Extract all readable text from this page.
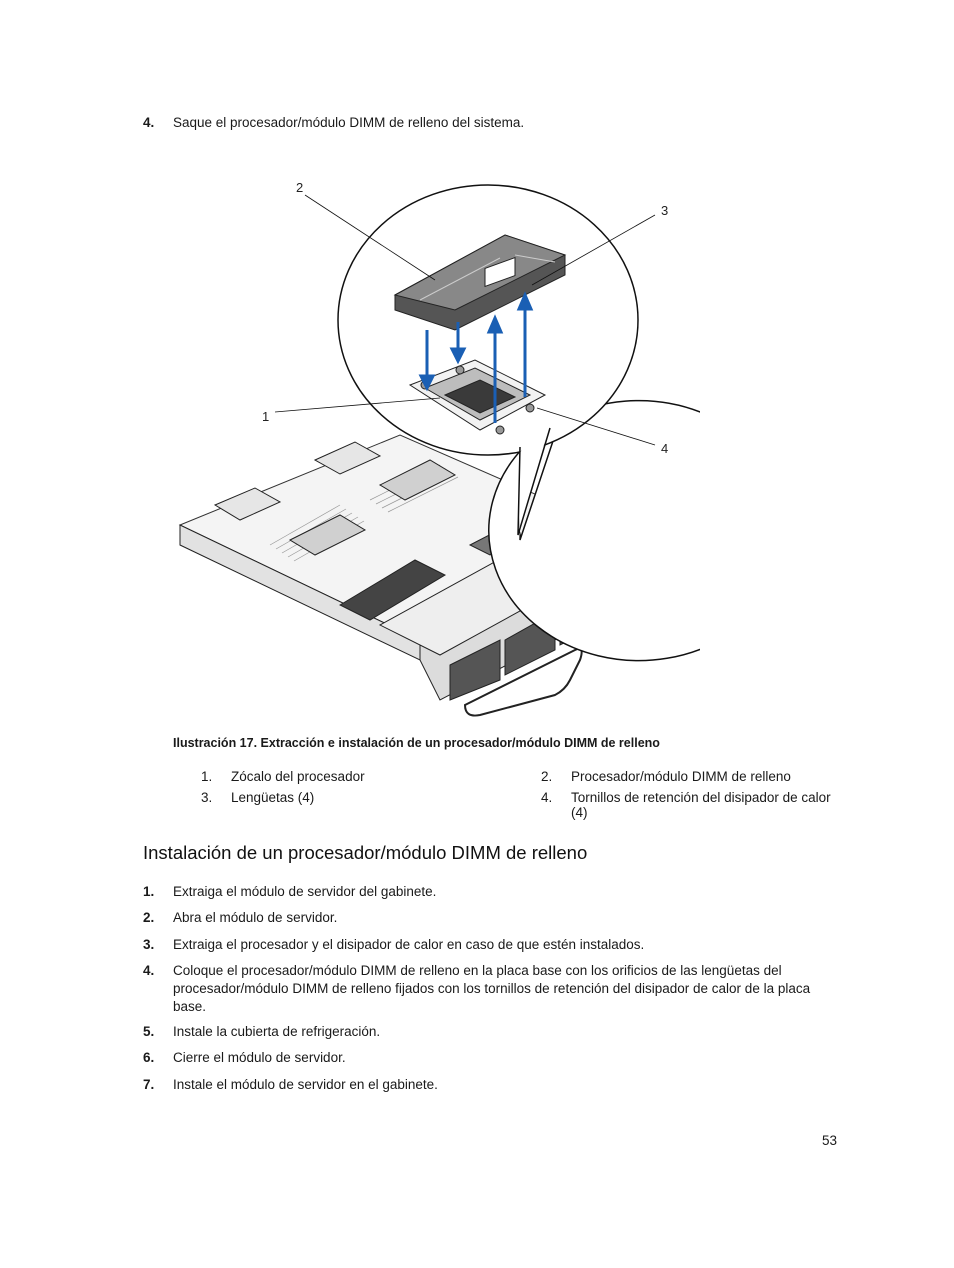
4.	Saque el procesador/módulo DIMM de relleno del sistema.
1
2
3
4
Ilustración 17. Extracción e instalación de un procesador/módulo DIMM de relleno
1.	Zócalo del procesador	2.	Procesador/módulo DIMM de relleno
3.	Lengüetas (4)	4.	Tornillos de retención del disipador de calor (4)
Instalación de un procesador/módulo DIMM de relleno
1.	Extraiga el módulo de servidor del gabinete.
2.	Abra el módulo de servidor.
3.	Extraiga el procesador y el disipador de calor en caso de que estén instalados.
4.	Coloque el procesador/módulo DIMM de relleno en la placa base con los orificios de las lengüetas del procesador/módulo DIMM de relleno fijados con los tornillos de retención del disipador de calor de la placa base.
5.	Instale la cubierta de refrigeración.
6.	Cierre el módulo de servidor.
7.	Instale el módulo de servidor en el gabinete.
53
